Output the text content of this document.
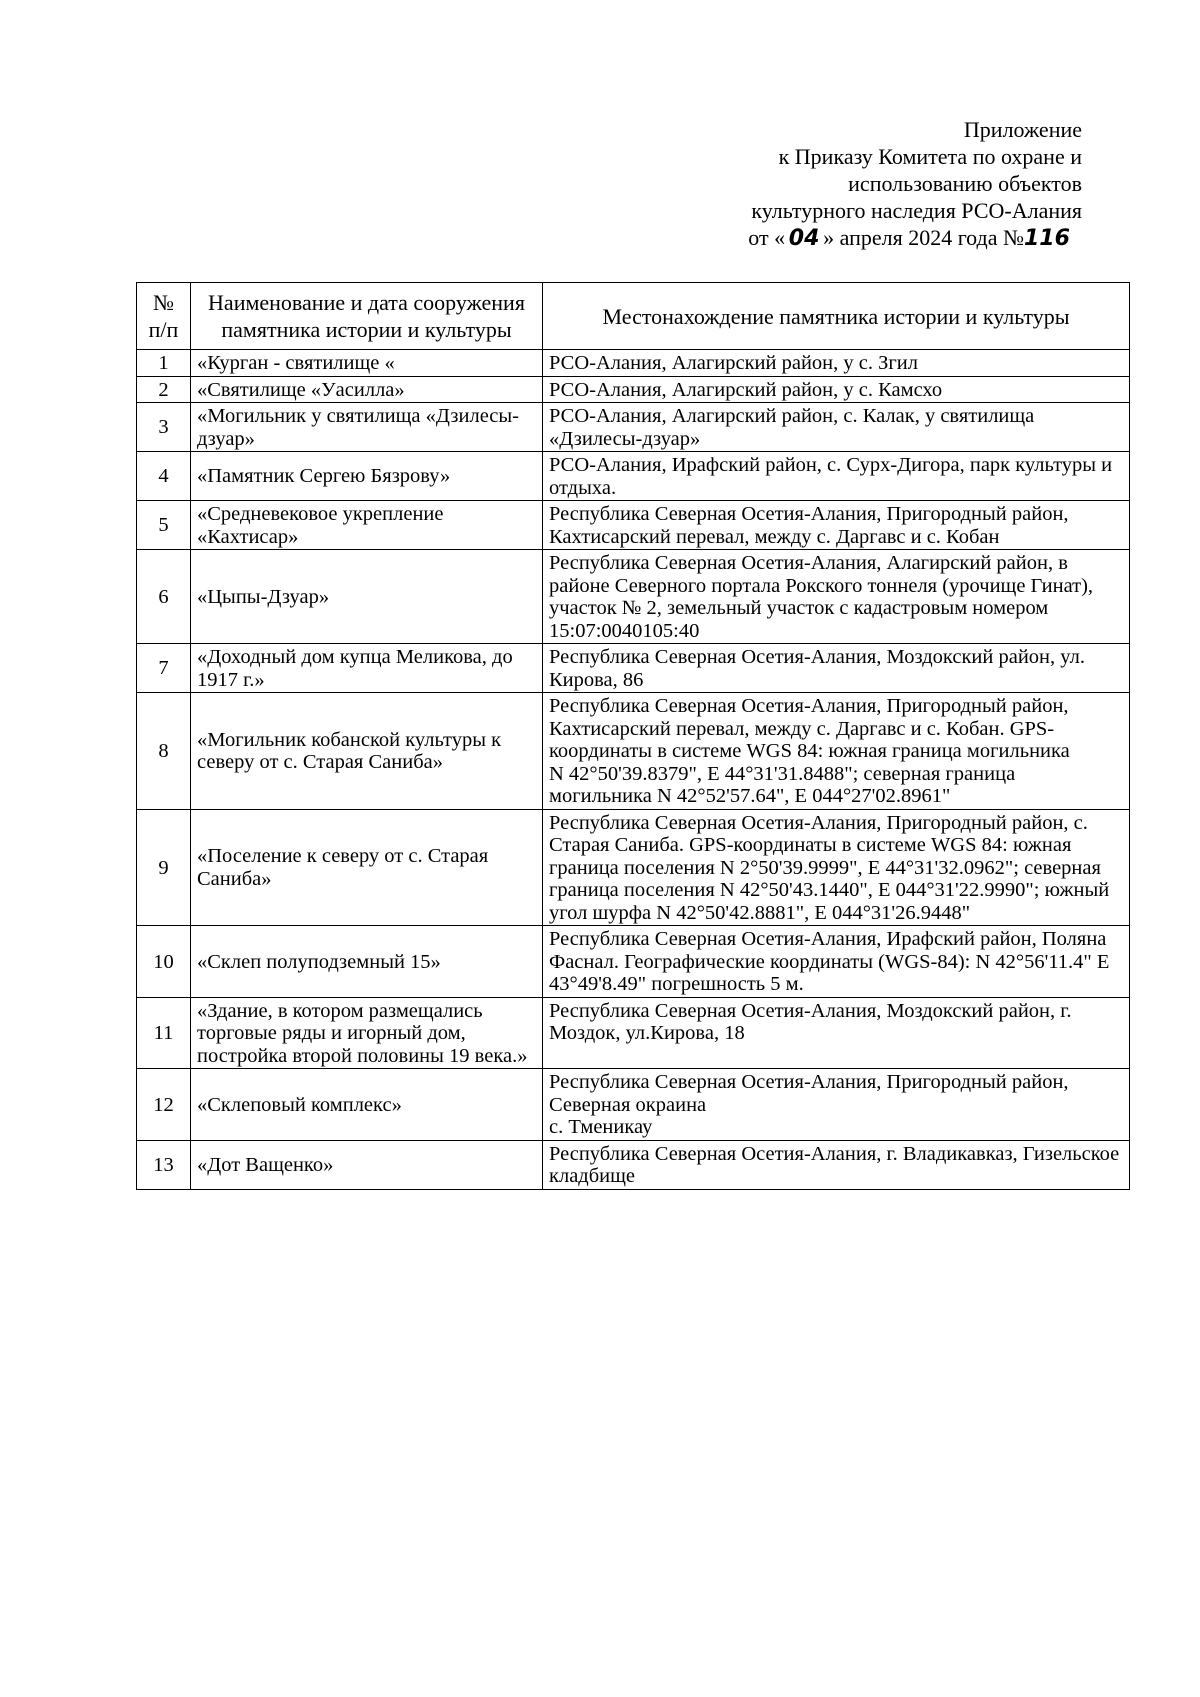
Приложение
к Приказу Комитета по охране и
использованию объектов
культурного наследия РСО-Алания
от « 04 » апреля 2024 года №116
№ п/п	Наименование и дата сооружения памятника истории и культуры	Местонахождение памятника истории и культуры
1	«Курган - святилище «	РСО-Алания, Алагирский район, у с. Згил
2	«Святилище «Уасилла»	РСО-Алания, Алагирский район, у с. Камсхо
3	«Могильник у святилища «Дзилесы-дзуар»	РСО-Алания, Алагирский район, с. Калак, у святилища «Дзилесы-дзуар»
4	«Памятник Сергею Бязрову»	РСО-Алания, Ирафский район, с. Сурх-Дигора, парк культуры и отдыха.
5	«Средневековое укрепление «Кахтисар»	Республика Северная Осетия-Алания, Пригородный район, Кахтисарский перевал, между с. Даргавс и с. Кобан
6	«Цыпы-Дзуар»	Республика Северная Осетия-Алания, Алагирский район, в районе Северного портала Рокского тоннеля (урочище Гинат), участок № 2, земельный участок с кадастровым номером 15:07:0040105:40
7	«Доходный дом купца Меликова, до 1917 г.»	Республика Северная Осетия-Алания, Моздокский район, ул. Кирова, 86
8	«Могильник кобанской культуры к северу от с. Старая Саниба»	Республика Северная Осетия-Алания, Пригородный район, Кахтисарский перевал, между с. Даргавс и с. Кобан. GPS-координаты в системе WGS 84: южная граница могильника
N 42°50'39.8379", E 44°31'31.8488"; северная граница могильника N 42°52'57.64", E 044°27'02.8961"
9	«Поселение к северу от с. Старая Саниба»	Республика Северная Осетия-Алания, Пригородный район, с. Старая Саниба. GPS-координаты в системе WGS 84: южная граница поселения N 2°50'39.9999", E 44°31'32.0962"; северная граница поселения N 42°50'43.1440", E 044°31'22.9990"; южный угол шурфа N 42°50'42.8881", E 044°31'26.9448"
10	«Склеп полуподземный 15»	Республика Северная Осетия-Алания, Ирафский район, Поляна Фаснал. Географические координаты (WGS-84): N 42°56'11.4" E 43°49'8.49" погрешность 5 м.
11	«Здание, в котором размещались торговые ряды и игорный дом, постройка второй половины 19 века.»	Республика Северная Осетия-Алания, Моздокский район, г. Моздок, ул.Кирова, 18
12	«Склеповый комплекс»	Республика Северная Осетия-Алания, Пригородный район, Северная окраина
с. Тменикау
13	«Дот Ващенко»	Республика Северная Осетия-Алания, г. Владикавказ, Гизельское кладбище
